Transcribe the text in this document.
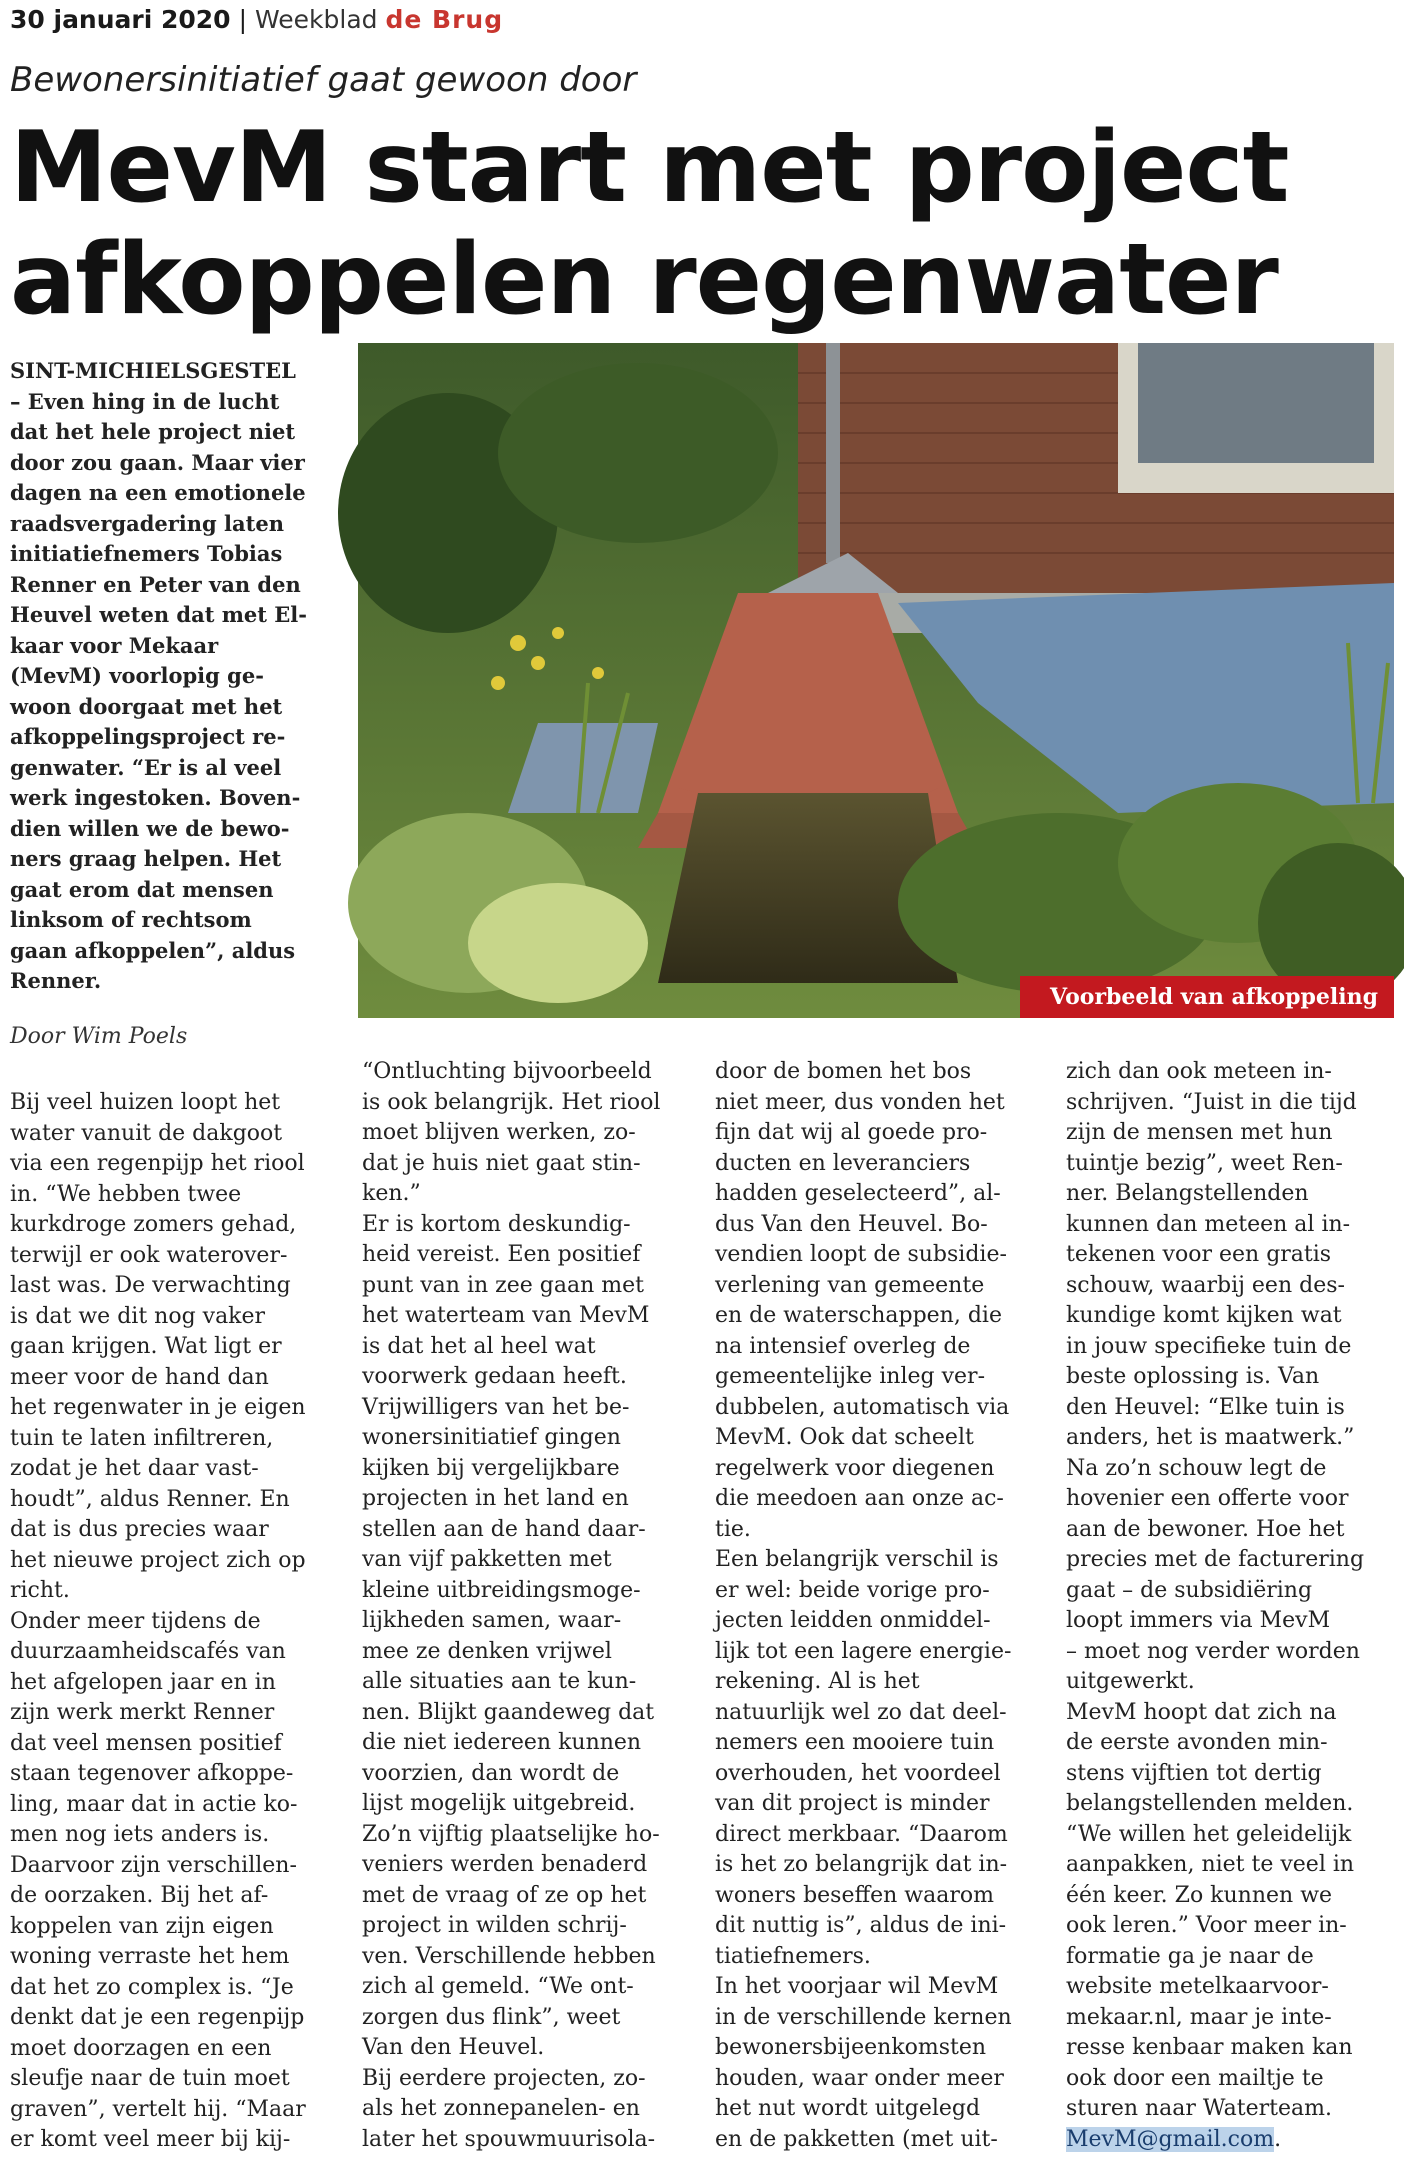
30 januari 2020 | Weekblad de Brug
Bewonersinitiatief gaat gewoon door
MevM start met project
afkoppelen regenwater
SINT-MICHIELSGESTEL
– Even hing in de lucht
dat het hele project niet
door zou gaan. Maar vier
dagen na een emotionele
raadsvergadering laten
initiatiefnemers Tobias
Renner en Peter van den
Heuvel weten dat met El-
kaar voor Mekaar
(MevM) voorlopig ge-
woon doorgaat met het
afkoppelingsproject re-
genwater. “Er is al veel
werk ingestoken. Boven-
dien willen we de bewo-
ners graag helpen. Het
gaat erom dat mensen
linksom of rechtsom
gaan afkoppelen”, aldus
Renner.
Voorbeeld van afkoppeling
Door Wim Poels

Bij veel huizen loopt het

water vanuit de dakgoot

via een regenpijp het riool

in. “We hebben twee

kurkdroge zomers gehad,

terwijl er ook waterover-

last was. De verwachting

is dat we dit nog vaker

gaan krijgen. Wat ligt er

meer voor de hand dan

het regenwater in je eigen

tuin te laten infiltreren,

zodat je het daar vast-

houdt”, aldus Renner. En

dat is dus precies waar

het nieuwe project zich op

richt.

Onder meer tijdens de

duurzaamheidscafés van

het afgelopen jaar en in

zijn werk merkt Renner

dat veel mensen positief

staan tegenover afkoppe-

ling, maar dat in actie ko-

men nog iets anders is.

Daarvoor zijn verschillen-

de oorzaken. Bij het af-

koppelen van zijn eigen

woning verraste het hem

dat het zo complex is. “Je

denkt dat je een regenpijp

moet doorzagen en een

sleufje naar de tuin moet

graven”, vertelt hij. “Maar

er komt veel meer bij kij-

“Ontluchting bijvoorbeeld

is ook belangrijk. Het riool

moet blijven werken, zo-

dat je huis niet gaat stin-

ken.”

Er is kortom deskundig-

heid vereist. Een positief

punt van in zee gaan met

het waterteam van MevM

is dat het al heel wat

voorwerk gedaan heeft.

Vrijwilligers van het be-

wonersinitiatief gingen

kijken bij vergelijkbare

projecten in het land en

stellen aan de hand daar-

van vijf pakketten met

kleine uitbreidingsmoge-

lijkheden samen, waar-

mee ze denken vrijwel

alle situaties aan te kun-

nen. Blijkt gaandeweg dat

die niet iedereen kunnen

voorzien, dan wordt de

lijst mogelijk uitgebreid.

Zo’n vijftig plaatselijke ho-

veniers werden benaderd

met de vraag of ze op het

project in wilden schrij-

ven. Verschillende hebben

zich al gemeld. “We ont-

zorgen dus flink”, weet

Van den Heuvel.

Bij eerdere projecten, zo-

als het zonnepanelen- en

later het spouwmuurisola-

door de bomen het bos

niet meer, dus vonden het

fijn dat wij al goede pro-

ducten en leveranciers

hadden geselecteerd”, al-

dus Van den Heuvel. Bo-

vendien loopt de subsidie-

verlening van gemeente

en de waterschappen, die

na intensief overleg de

gemeentelijke inleg ver-

dubbelen, automatisch via

MevM. Ook dat scheelt

regelwerk voor diegenen

die meedoen aan onze ac-

tie.

Een belangrijk verschil is

er wel: beide vorige pro-

jecten leidden onmiddel-

lijk tot een lagere energie-

rekening. Al is het

natuurlijk wel zo dat deel-

nemers een mooiere tuin

overhouden, het voordeel

van dit project is minder

direct merkbaar. “Daarom

is het zo belangrijk dat in-

woners beseffen waarom

dit nuttig is”, aldus de ini-

tiatiefnemers.

In het voorjaar wil MevM

in de verschillende kernen

bewonersbijeenkomsten

houden, waar onder meer

het nut wordt uitgelegd

en de pakketten (met uit-

zich dan ook meteen in-

schrijven. “Juist in die tijd

zijn de mensen met hun

tuintje bezig”, weet Ren-

ner. Belangstellenden

kunnen dan meteen al in-

tekenen voor een gratis

schouw, waarbij een des-

kundige komt kijken wat

in jouw specifieke tuin de

beste oplossing is. Van

den Heuvel: “Elke tuin is

anders, het is maatwerk.”

Na zo’n schouw legt de

hovenier een offerte voor

aan de bewoner. Hoe het

precies met de facturering

gaat – de subsidiëring

loopt immers via MevM

– moet nog verder worden

uitgewerkt.

MevM hoopt dat zich na

de eerste avonden min-

stens vijftien tot dertig

belangstellenden melden.

“We willen het geleidelijk

aanpakken, niet te veel in

één keer. Zo kunnen we

ook leren.” Voor meer in-

formatie ga je naar de

website metelkaarvoor-

mekaar.nl, maar je inte-

resse kenbaar maken kan

ook door een mailtje te

sturen naar Waterteam.

MevM@gmail.com.
